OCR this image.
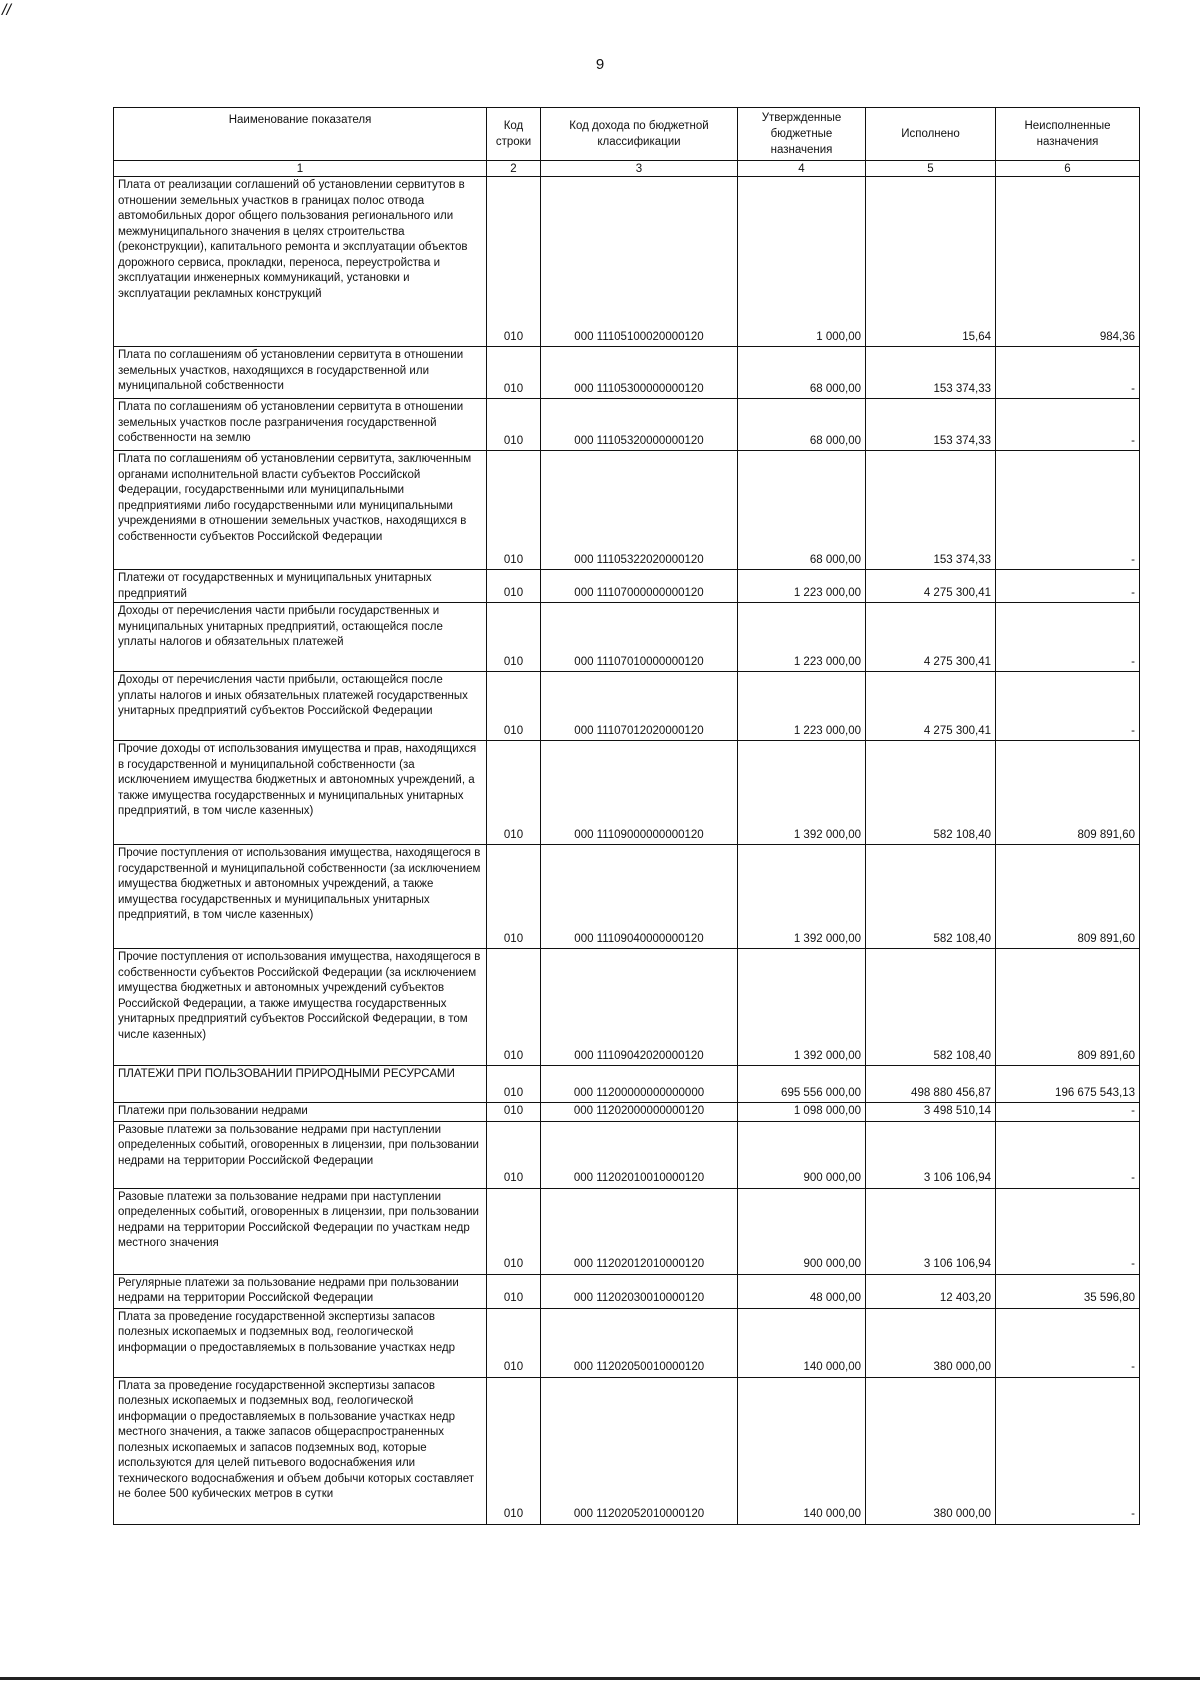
//
9
Наименование показателя	Код строки	Код дохода по бюджетной классификации	Утвержденные бюджетные назначения	Исполнено	Неисполненные назначения
1	2	3	4	5	6
Плата от реализации соглашений об установлении сервитутов в отношении земельных участков в границах полос отвода автомобильных дорог общего пользования регионального или межмуниципального значения в целях строительства (реконструкции), капитального ремонта и эксплуатации объектов дорожного сервиса, прокладки, переноса, переустройства и эксплуатации инженерных коммуникаций, установки и эксплуатации рекламных конструкций	010	000 11105100020000120	1 000,00	15,64	984,36
Плата по соглашениям об установлении сервитута в отношении земельных участков, находящихся в государственной или муниципальной собственности	010	000 11105300000000120	68 000,00	153 374,33	-
Плата по соглашениям об установлении сервитута в отношении земельных участков после разграничения государственной собственности на землю	010	000 11105320000000120	68 000,00	153 374,33	-
Плата по соглашениям об установлении сервитута, заключенным органами исполнительной власти субъектов Российской Федерации, государственными или муниципальными предприятиями либо государственными или муниципальными учреждениями в отношении земельных участков, находящихся в собственности субъектов Российской Федерации	010	000 11105322020000120	68 000,00	153 374,33	-
Платежи от государственных и муниципальных унитарных предприятий	010	000 11107000000000120	1 223 000,00	4 275 300,41	-
Доходы от перечисления части прибыли государственных и муниципальных унитарных предприятий, остающейся после уплаты налогов и обязательных платежей	010	000 11107010000000120	1 223 000,00	4 275 300,41	-
Доходы от перечисления части прибыли, остающейся после уплаты налогов и иных обязательных платежей государственных унитарных предприятий субъектов Российской Федерации	010	000 11107012020000120	1 223 000,00	4 275 300,41	-
Прочие доходы от использования имущества и прав, находящихся в государственной и муниципальной собственности (за исключением имущества бюджетных и автономных учреждений, а также имущества государственных и муниципальных унитарных предприятий, в том числе казенных)	010	000 11109000000000120	1 392 000,00	582 108,40	809 891,60
Прочие поступления от использования имущества, находящегося в государственной и муниципальной собственности (за исключением имущества бюджетных и автономных учреждений, а также имущества государственных и муниципальных унитарных предприятий, в том числе казенных)	010	000 11109040000000120	1 392 000,00	582 108,40	809 891,60
Прочие поступления от использования имущества, находящегося в собственности субъектов Российской Федерации (за исключением имущества бюджетных и автономных учреждений субъектов Российской Федерации, а также имущества государственных унитарных предприятий субъектов Российской Федерации, в том числе казенных)	010	000 11109042020000120	1 392 000,00	582 108,40	809 891,60
ПЛАТЕЖИ ПРИ ПОЛЬЗОВАНИИ ПРИРОДНЫМИ РЕСУРСАМИ	010	000 11200000000000000	695 556 000,00	498 880 456,87	196 675 543,13
Платежи при пользовании недрами	010	000 11202000000000120	1 098 000,00	3 498 510,14	-
Разовые платежи за пользование недрами при наступлении определенных событий, оговоренных в лицензии, при пользовании недрами на территории Российской Федерации	010	000 11202010010000120	900 000,00	3 106 106,94	-
Разовые платежи за пользование недрами при наступлении определенных событий, оговоренных в лицензии, при пользовании недрами на территории Российской Федерации по участкам недр местного значения	010	000 11202012010000120	900 000,00	3 106 106,94	-
Регулярные платежи за пользование недрами при пользовании недрами на территории Российской Федерации	010	000 11202030010000120	48 000,00	12 403,20	35 596,80
Плата за проведение государственной экспертизы запасов полезных ископаемых и подземных вод, геологической информации о предоставляемых в пользование участках недр	010	000 11202050010000120	140 000,00	380 000,00	-
Плата за проведение государственной экспертизы запасов полезных ископаемых и подземных вод, геологической информации о предоставляемых в пользование участках недр местного значения, а также запасов общераспространенных полезных ископаемых и запасов подземных вод, которые используются для целей питьевого водоснабжения или технического водоснабжения и объем добычи которых составляет не более 500 кубических метров в сутки	010	000 11202052010000120	140 000,00	380 000,00	-
